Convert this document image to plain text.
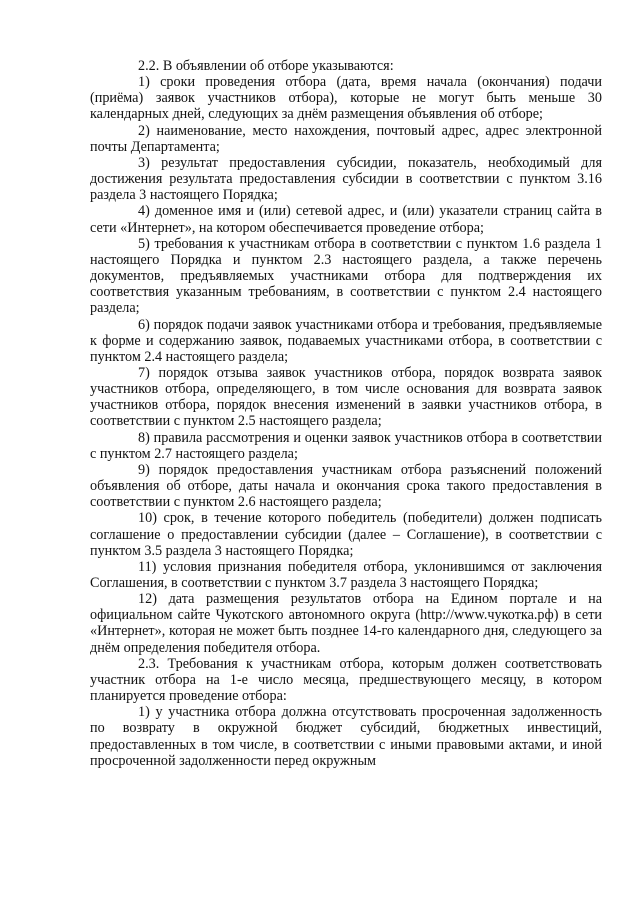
2.2. В объявлении об отборе указываются:

1) сроки проведения отбора (дата, время начала (окончания) подачи (приёма) заявок участников отбора), которые не могут быть меньше 30 календарных дней, следующих за днём размещения объявления об отборе;

2) наименование, место нахождения, почтовый адрес, адрес электронной почты Департамента;

3) результат предоставления субсидии, показатель, необходимый для достижения результата предоставления субсидии в соответствии с пунктом 3.16 раздела 3 настоящего Порядка;

4) доменное имя и (или) сетевой адрес, и (или) указатели страниц сайта в сети «Интернет», на котором обеспечивается проведение отбора;

5) требования к участникам отбора в соответствии с пунктом 1.6 раздела 1 настоящего Порядка и пунктом 2.3 настоящего раздела, а также перечень документов, предъявляемых участниками отбора для подтверждения их соответствия указанным требованиям, в соответствии с пунктом 2.4 настоящего раздела;

6) порядок подачи заявок участниками отбора и требования, предъявляемые к форме и содержанию заявок, подаваемых участниками отбора, в соответствии с пунктом 2.4 настоящего раздела;

7) порядок отзыва заявок участников отбора, порядок возврата заявок участников отбора, определяющего, в том числе основания для возврата заявок участников отбора, порядок внесения изменений в заявки участников отбора, в соответствии с пунктом 2.5 настоящего раздела;

8) правила рассмотрения и оценки заявок участников отбора в соответствии с пунктом 2.7 настоящего раздела;

9) порядок предоставления участникам отбора разъяснений положений объявления об отборе, даты начала и окончания срока такого предоставления в соответствии с пунктом 2.6 настоящего раздела;

10) срок, в течение которого победитель (победители) должен подписать соглашение о предоставлении субсидии (далее – Соглашение), в соответствии с пунктом 3.5 раздела 3 настоящего Порядка;

11) условия признания победителя отбора, уклонившимся от заключения Соглашения, в соответствии с пунктом 3.7 раздела 3 настоящего Порядка;

12) дата размещения результатов отбора на Едином портале и на официальном сайте Чукотского автономного округа (http://www.чукотка.рф) в сети «Интернет», которая не может быть позднее 14-го календарного дня, следующего за днём определения победителя отбора.

2.3. Требования к участникам отбора, которым должен соответствовать участник отбора на 1-е число месяца, предшествующего месяцу, в котором планируется проведение отбора:

1) у участника отбора должна отсутствовать просроченная задолженность по возврату в окружной бюджет субсидий, бюджетных инвестиций, предоставленных в том числе, в соответствии с иными правовыми актами, и иной просроченной задолженности перед окружным
